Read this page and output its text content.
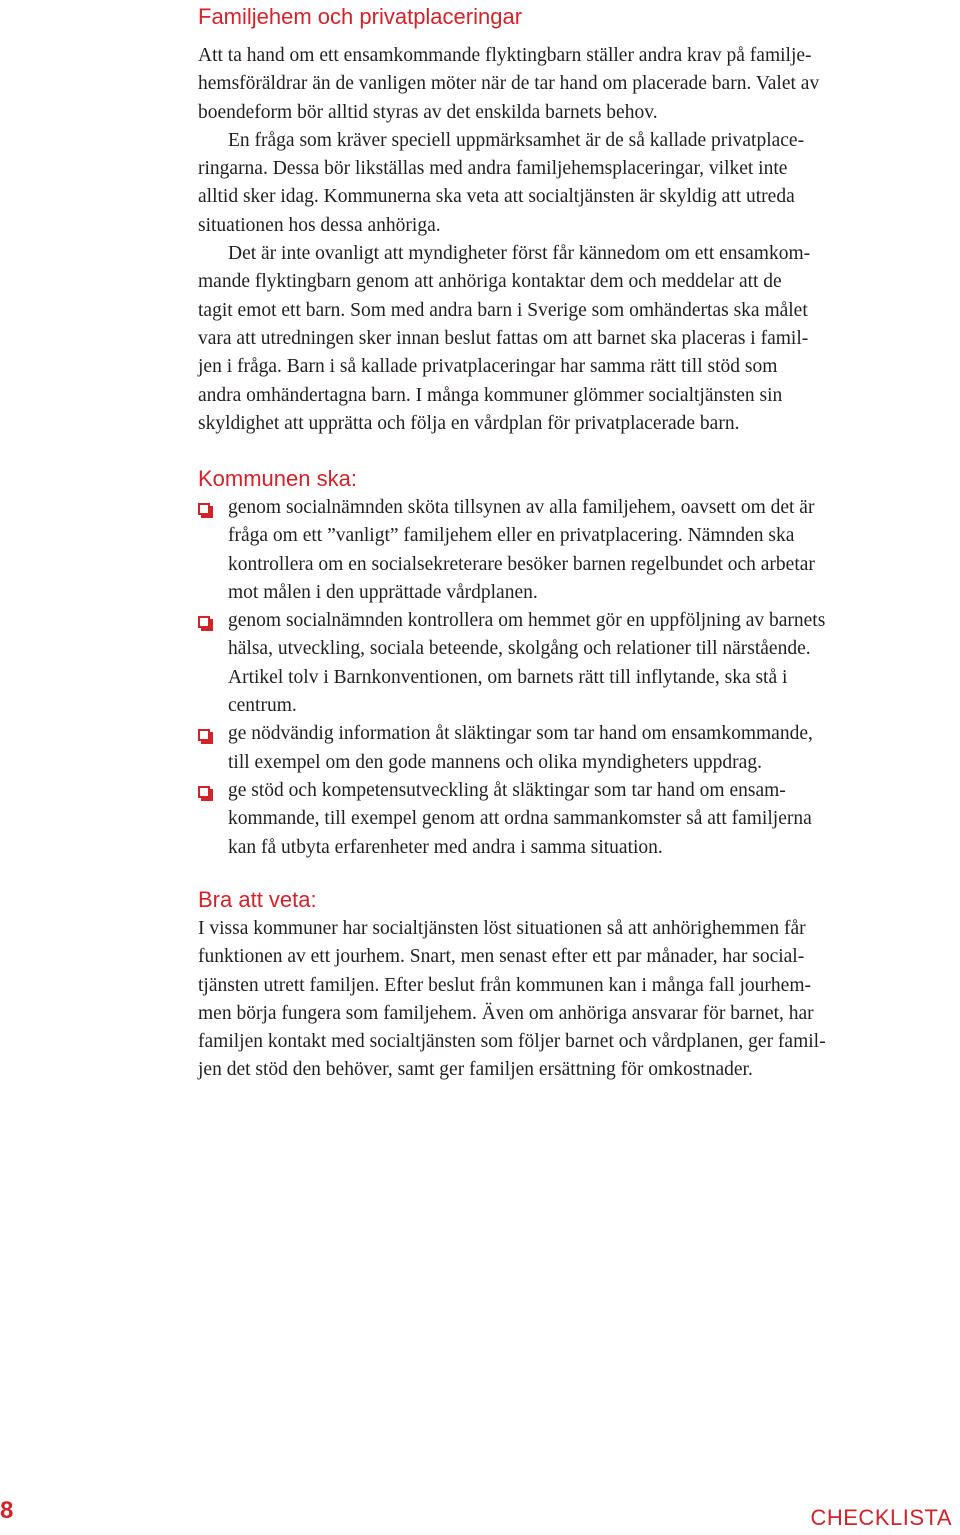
Familjehem och privatplaceringar
Att ta hand om ett ensamkommande flyktingbarn ställer andra krav på familje-
hemsföräldrar än de vanligen möter när de tar hand om placerade barn. Valet av
boendeform bör alltid styras av det enskilda barnets behov.
En fråga som kräver speciell uppmärksamhet är de så kallade privatplace-
ringarna. Dessa bör likställas med andra familjehemsplaceringar, vilket inte
alltid sker idag. Kommunerna ska veta att socialtjänsten är skyldig att utreda
situationen hos dessa anhöriga.
Det är inte ovanligt att myndigheter först får kännedom om ett ensamkom-
mande flyktingbarn genom att anhöriga kontaktar dem och meddelar att de
tagit emot ett barn. Som med andra barn i Sverige som omhändertas ska målet
vara att utredningen sker innan beslut fattas om att barnet ska placeras i famil-
jen i fråga. Barn i så kallade privatplaceringar har samma rätt till stöd som
andra omhändertagna barn. I många kommuner glömmer socialtjänsten sin
skyldighet att upprätta och följa en vårdplan för privatplacerade barn.
Kommunen ska:
genom socialnämnden sköta tillsynen av alla familjehem, oavsett om det är
fråga om ett ”vanligt” familjehem eller en privatplacering. Nämnden ska
kontrollera om en socialsekreterare besöker barnen regelbundet och arbetar
mot målen i den upprättade vårdplanen.
genom socialnämnden kontrollera om hemmet gör en uppföljning av barnets
hälsa, utveckling, sociala beteende, skolgång och relationer till närstående.
Artikel tolv i Barnkonventionen, om barnets rätt till inflytande, ska stå i
centrum.
ge nödvändig information åt släktingar som tar hand om ensamkommande,
till exempel om den gode mannens och olika myndigheters uppdrag.
ge stöd och kompetensutveckling åt släktingar som tar hand om ensam-
kommande, till exempel genom att ordna sammankomster så att familjerna
kan få utbyta erfarenheter med andra i samma situation.
Bra att veta:
I vissa kommuner har socialtjänsten löst situationen så att anhörighemmen får
funktionen av ett jourhem. Snart, men senast efter ett par månader, har social-
tjänsten utrett familjen. Efter beslut från kommunen kan i många fall jourhem-
men börja fungera som familjehem. Även om anhöriga ansvarar för barnet, har
familjen kontakt med socialtjänsten som följer barnet och vårdplanen, ger famil-
jen det stöd den behöver, samt ger familjen ersättning för omkostnader.
8	CHECKLISTA
